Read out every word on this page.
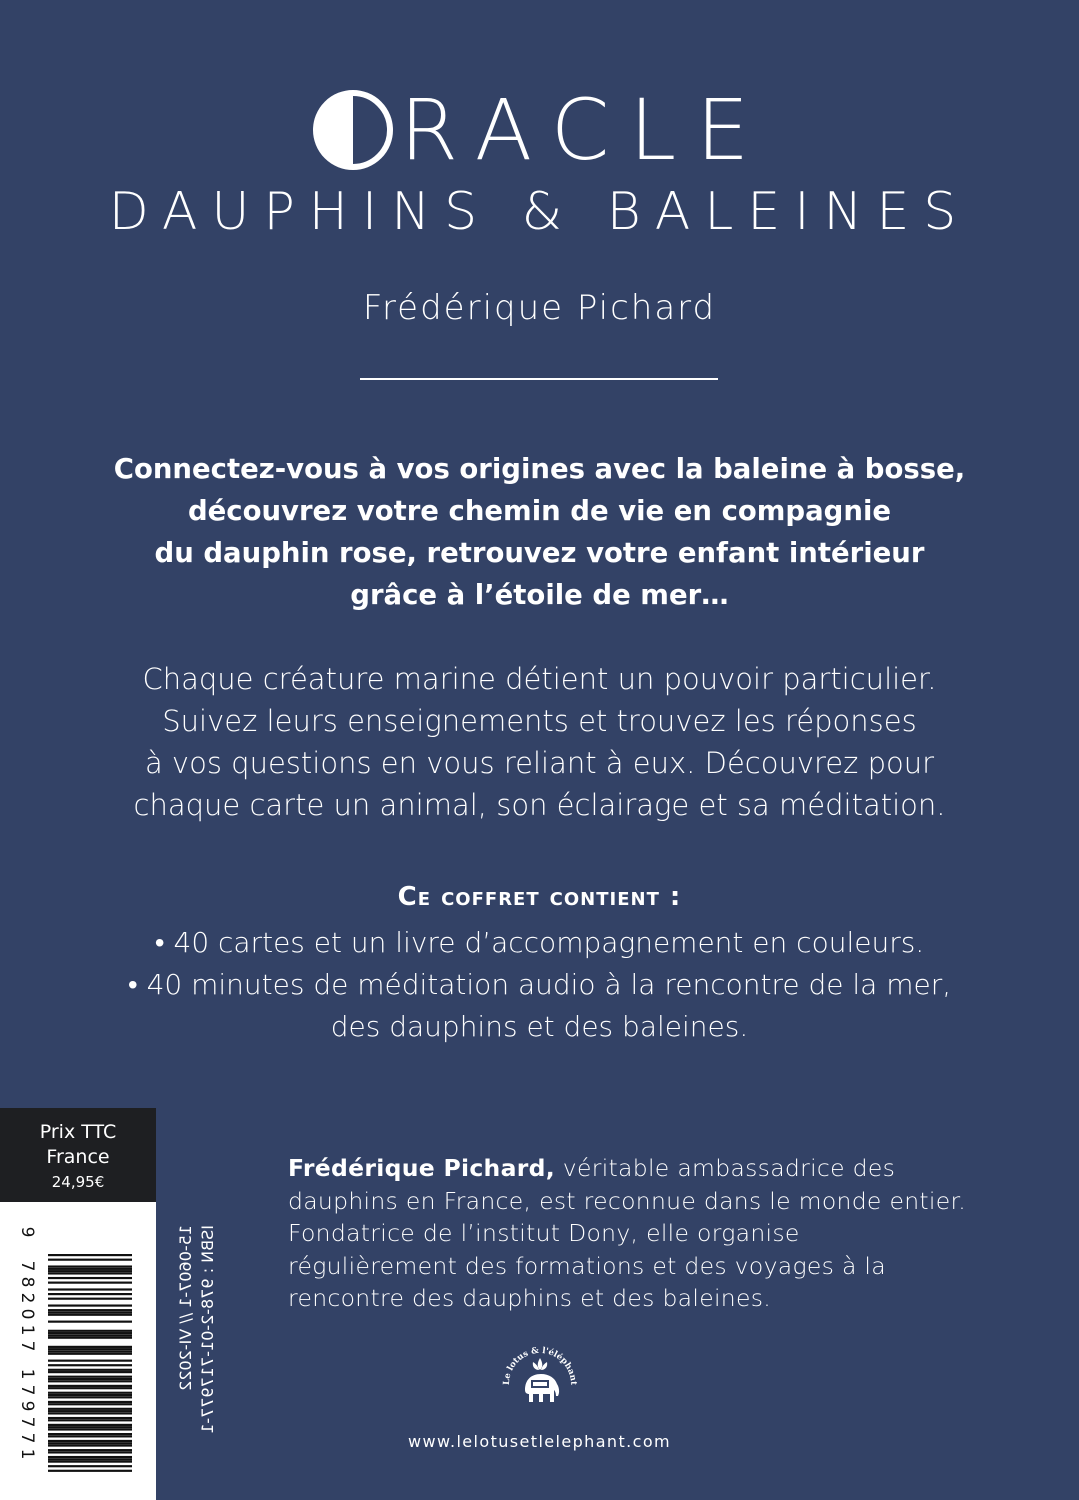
RACLE
DAUPHINS & BALEINES
Frédérique Pichard
Connectez-vous à vos origines avec la baleine à bosse,
découvrez votre chemin de vie en compagnie
du dauphin rose, retrouvez votre enfant intérieur
grâce à l’étoile de mer…
Chaque créature marine détient un pouvoir particulier.
Suivez leurs enseignements et trouvez les réponses
à vos questions en vous reliant à eux. Découvrez pour
chaque carte un animal, son éclairage et sa méditation.
Ce coffret contient :
• 40 cartes et un livre d’accompagnement en couleurs.
• 40 minutes de méditation audio à la rencontre de la mer,
des dauphins et des baleines.
Prix TTC
France
24,95€
9
7
8
2
0
1
7
1
7
9
7
7
1
15-0607-1 // VI-2022 ISBN : 978-2-01-717977-1
Frédérique Pichard, véritable ambassadrice des dauphins en France, est reconnue dans le monde entier. Fondatrice de l’institut Dony, elle organise régulièrement des formations et des voyages à la rencontre des dauphins et des baleines.
Le lotus & l'éléphant
www.lelotusetlelephant.com
